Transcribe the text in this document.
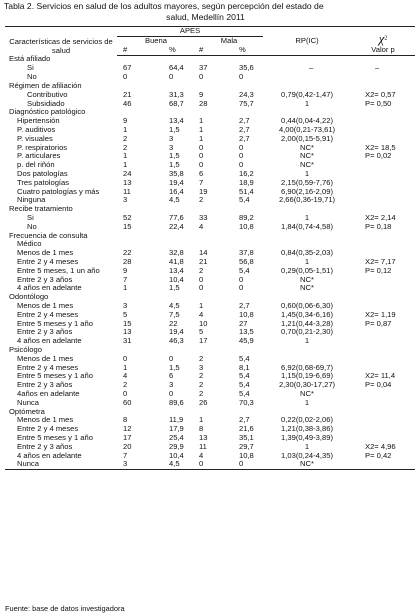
Tabla 2. Servicios en salud de los adultos mayores, según percepción del estado de
salud, Medellín 2011
	APES					$\chi^2$
Características de servicios de salud	Buena		Mala		RP(IC)	
	#	%	#	%		Valor p
Está afiliado						
Si	67	64,4	37	35,6	–	–
No	0	0	0	0		
Régimen de afiliación						
Contributivo	21	31,3	9	24,3	0,79(0,42-1,47)	X2= 0,57
Subsidiado	46	68,7	28	75,7	1	P= 0,50
Diagnóstico patológico						
Hipertensión	9	13,4	1	2,7	0,44(0,04-4,22)	
P. auditivos	1	1,5	1	2,7	4,00(0,21-73,61)	
P. visuales	2	3	1	2,7	2,00(0,15-5,91)	
P. respiratorios	2	3	0	0	NC*	X2= 18,5
P. articulares	1	1,5	0	0	NC*	P= 0,02
p. del riñón	1	1,5	0	0	NC*	
Dos patologías	24	35,8	6	16,2	1	
Tres patologías	13	19,4	7	18,9	2,15(0,59-7,76)	
Cuatro patologías y más	11	16,4	19	51,4	6,90(2,16-2,09)	
Ninguna	3	4,5	2	5,4	2,66(0,36-19,71)	
Recibe tratamiento						
Si	52	77,6	33	89,2	1	X2= 2,14
No	15	22,4	4	10,8	1,84(0,74-4,58)	P= 0,18
Frecuencia de consulta						
Médico						
Menos de 1 mes	22	32,8	14	37,8	0,84(0,35-2,03)	
Entre 2 y 4 meses	28	41,8	21	56,8	1	X2= 7,17
Entre 5 meses, 1 un año	9	13,4	2	5,4	0,29(0,05-1,51)	P= 0,12
Entre 2 y 3 años	7	10,4	0	0	NC*	
4 años en adelante	1	1,5	0	0	NC*	
Odontólogo						
Menos de 1 mes	3	4,5	1	2,7	0,60(0,06-6,30)	
Entre 2 y 4 meses	5	7,5	4	10,8	1,45(0,34-6,16)	X2= 1,19
Entre 5 meses y 1 año	15	22	10	27	1,21(0,44-3,28)	P= 0,87
Entre 2 y 3 años	13	19,4	5	13,5	0,70(0,21-2,30)	
4 años en adelante	31	46,3	17	45,9	1	
Psicólogo						
Menos de 1 mes	0	0	2	5,4		
Entre 2 y 4 meses	1	1,5	3	8,1	6,92(0,68-69,7)	
Entre 5 meses y 1 año	4	6	2	5,4	1,15(0,19-6,69)	X2= 11,4
Entre 2 y 3 años	2	3	2	5,4	2,30(0,30-17,27)	P= 0,04
4años en adelante	0	0	2	5,4	NC*	
Nunca	60	89,6	26	70,3	1	
Optómetra						
Menos de 1 mes	8	11,9	1	2,7	0,22(0,02-2,06)	
Entre 2 y 4 meses	12	17,9	8	21,6	1,21(0,38-3,86)	
Entre 5 meses y 1 año	17	25,4	13	35,1	1,39(0,49-3,89)	
Entre 2 y 3 años	20	29,9	11	29,7	1	X2= 4,96
4 años en adelante	7	10,4	4	10,8	1,03(0,24-4,35)	P= 0,42
Nunca	3	4,5	0	0	NC*	
Fuente: base de datos investigadora
